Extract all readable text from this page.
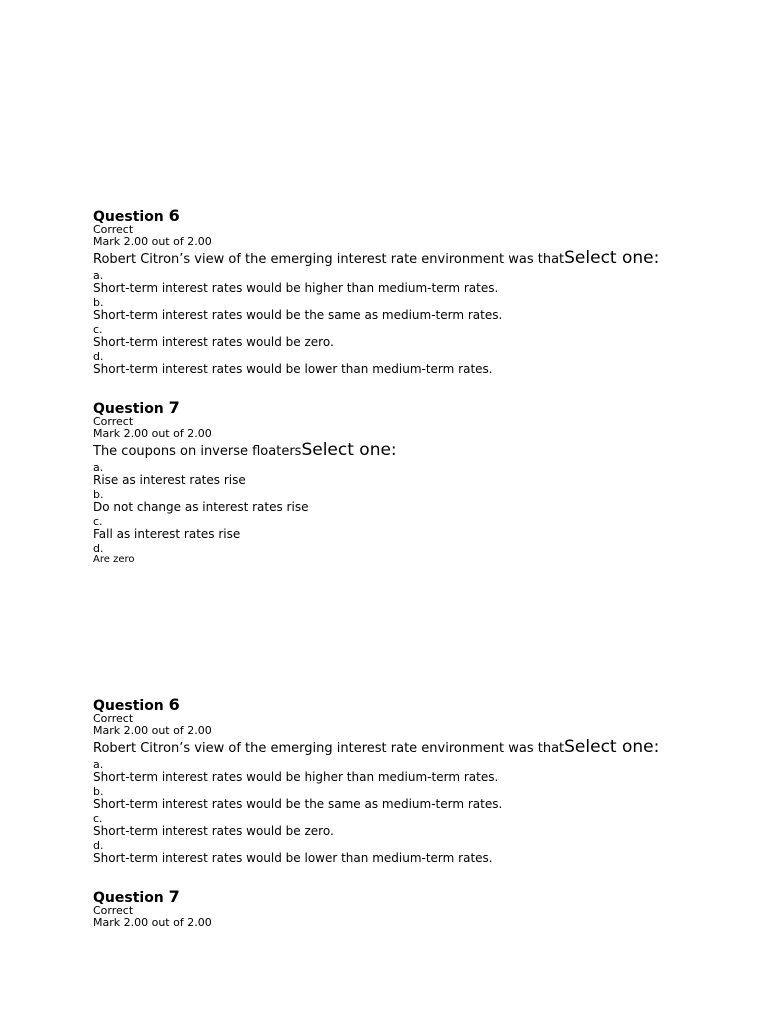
Question 6
Correct
Mark 2.00 out of 2.00
Robert Citron’s view of the emerging interest rate environment was thatSelect one:
a.
Short-term interest rates would be higher than medium-term rates.
b.
Short-term interest rates would be the same as medium-term rates.
c.
Short-term interest rates would be zero.
d.
Short-term interest rates would be lower than medium-term rates.
Question 7
Correct
Mark 2.00 out of 2.00
The coupons on inverse floatersSelect one:
a.
Rise as interest rates rise
b.
Do not change as interest rates rise
c.
Fall as interest rates rise
d.
Are zero
Question 6
Correct
Mark 2.00 out of 2.00
Robert Citron’s view of the emerging interest rate environment was thatSelect one:
a.
Short-term interest rates would be higher than medium-term rates.
b.
Short-term interest rates would be the same as medium-term rates.
c.
Short-term interest rates would be zero.
d.
Short-term interest rates would be lower than medium-term rates.
Question 7
Correct
Mark 2.00 out of 2.00
